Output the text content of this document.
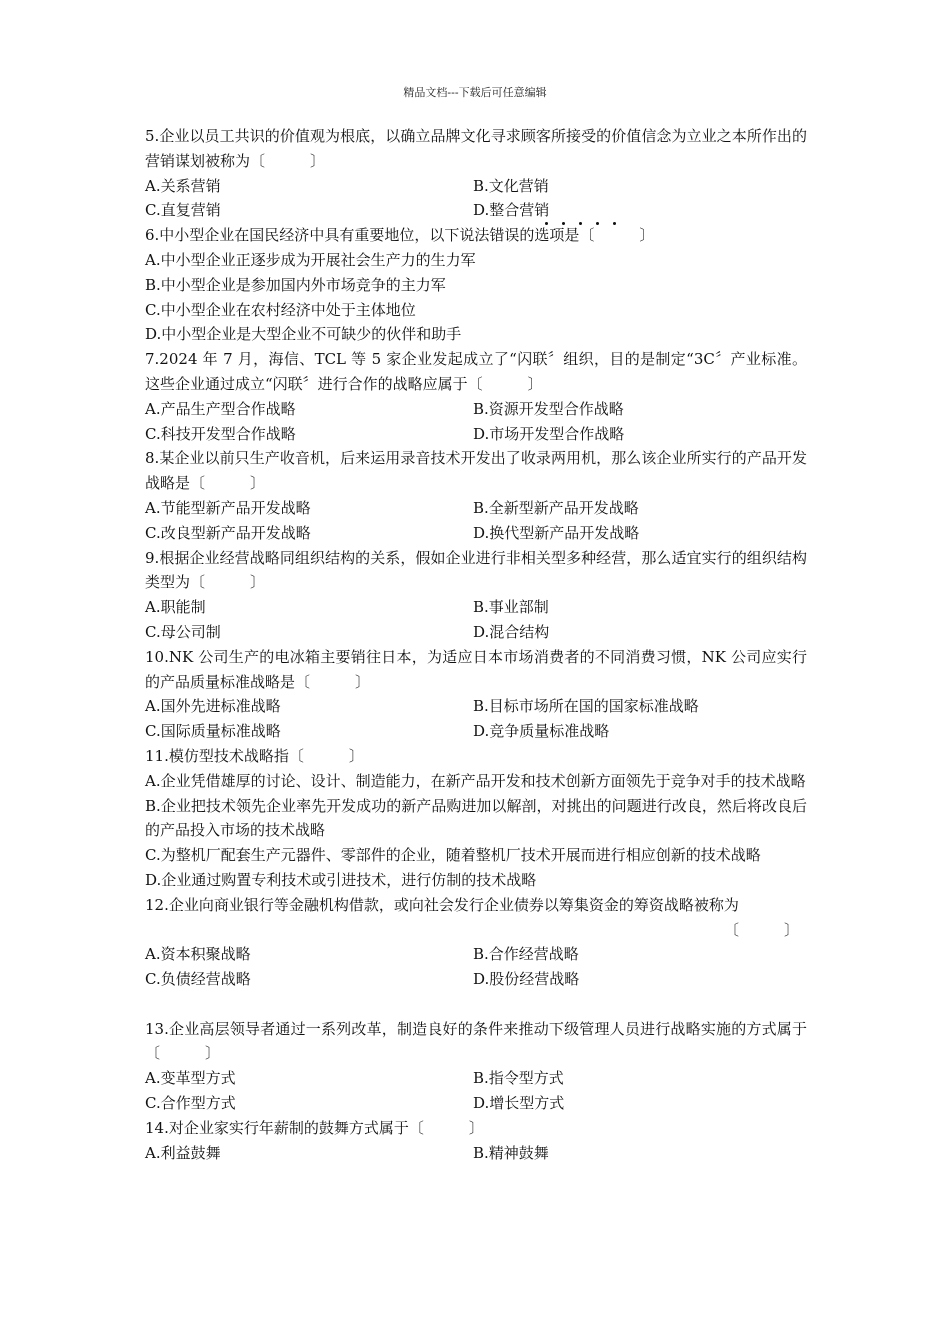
精品文档---下载后可任意编辑
5.企业以员工共识的价值观为根底，以确立品牌文化寻求顾客所接受的价值信念为立业之本所作出的营销谋划被称为〔　　　〕
A.关系营销	B.文化营销
C.直复营销	D.整合营销
6.中小型企业在国民经济中具有重要地位，以下说法错误的选项是〔　　　〕
A.中小型企业正逐步成为开展社会生产力的生力军
B.中小型企业是参加国内外市场竞争的主力军
C.中小型企业在农村经济中处于主体地位
D.中小型企业是大型企业不可缺少的伙伴和助手
7.2024 年 7 月，海信、TCL 等 5 家企业发起成立了“闪联〞组织，目的是制定“3C〞产业标准。这些企业通过成立“闪联〞进行合作的战略应属于〔　　　〕
A.产品生产型合作战略	B.资源开发型合作战略
C.科技开发型合作战略	D.市场开发型合作战略
8.某企业以前只生产收音机，后来运用录音技术开发出了收录两用机，那么该企业所实行的产品开发战略是〔　　　〕
A.节能型新产品开发战略	B.全新型新产品开发战略
C.改良型新产品开发战略	D.换代型新产品开发战略
9.根据企业经营战略同组织结构的关系，假如企业进行非相关型多种经营，那么适宜实行的组织结构类型为〔　　　〕
A.职能制	B.事业部制
C.母公司制	D.混合结构
10.NK 公司生产的电冰箱主要销往日本，为适应日本市场消费者的不同消费习惯，NK 公司应实行的产品质量标准战略是〔　　　〕
A.国外先进标准战略	B.目标市场所在国的国家标准战略
C.国际质量标准战略	D.竞争质量标准战略
11.模仿型技术战略指〔　　　〕
A.企业凭借雄厚的讨论、设计、制造能力，在新产品开发和技术创新方面领先于竞争对手的技术战略
B.企业把技术领先企业率先开发成功的新产品购进加以解剖，对挑出的问题进行改良，然后将改良后的产品投入市场的技术战略
C.为整机厂配套生产元器件、零部件的企业，随着整机厂技术开展而进行相应创新的技术战略
D.企业通过购置专利技术或引进技术，进行仿制的技术战略
12.企业向商业银行等金融机构借款，或向社会发行企业债券以筹集资金的筹资战略被称为
〔　　　〕
A.资本积聚战略	B.合作经营战略
C.负债经营战略	D.股份经营战略
13.企业高层领导者通过一系列改革，制造良好的条件来推动下级管理人员进行战略实施的方式属于〔　　　〕
A.变革型方式	B.指令型方式
C.合作型方式	D.增长型方式
14.对企业家实行年薪制的鼓舞方式属于〔　　　〕
A.利益鼓舞	B.精神鼓舞
